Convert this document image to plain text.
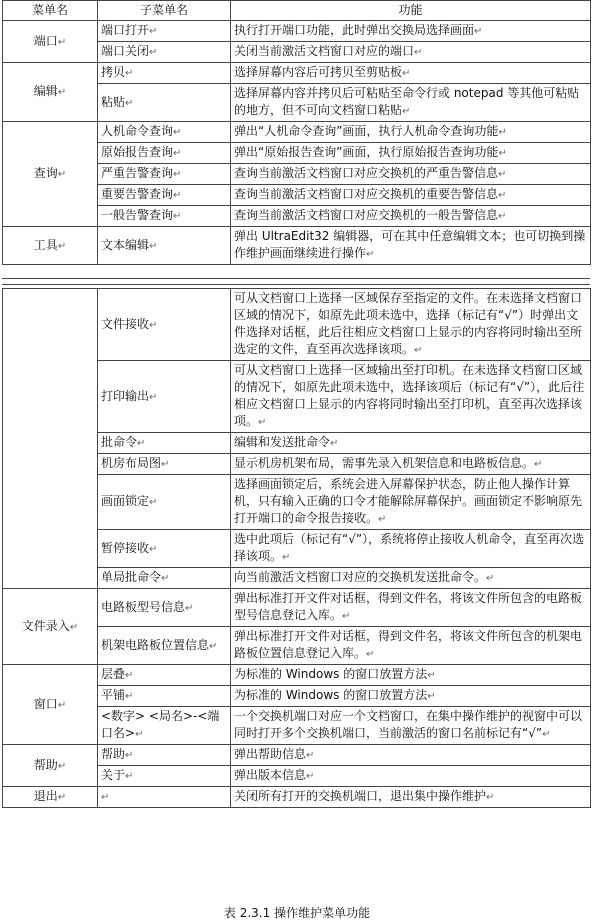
菜单名	子菜单名	功能
端口↵	端口打开↵	执行打开端口功能，此时弹出交换局选择画面↵
	端口关闭↵	关闭当前激活文档窗口对应的端口↵
编辑↵	拷贝↵	选择屏幕内容后可拷贝至剪贴板↵
	粘贴↵	选择屏幕内容并拷贝后可粘贴至命令行或 notepad 等其他可粘贴的地方，但不可向文档窗口粘贴↵
查询↵	人机命令查询↵	弹出“人机命令查询”画面，执行人机命令查询功能↵
	原始报告查询↵	弹出“原始报告查询”画面，执行原始报告查询功能↵
	严重告警查询↵	查询当前激活文档窗口对应交换机的严重告警信息↵
	重要告警查询↵	查询当前激活文档窗口对应交换机的重要告警信息↵
	一般告警查询↵	查询当前激活文档窗口对应交换机的一般告警信息↵
工具↵	文本编辑↵	弹出 UltraEdit32 编辑器，可在其中任意编辑文本；也可切换到操作维护画面继续进行操作↵
	文件接收↵	可从文档窗口上选择一区域保存至指定的文件。在未选择文档窗口区域的情况下，如原先此项未选中，选择（标记有“√”）时弹出文件选择对话框，此后往相应文档窗口上显示的内容将同时输出至所选定的文件，直至再次选择该项。↵
	打印输出↵	可从文档窗口上选择一区域输出至打印机。在未选择文档窗口区域的情况下，如原先此项未选中，选择该项后（标记有“√”），此后往相应文档窗口上显示的内容将同时输出至打印机，直至再次选择该项。↵
	批命令↵	编辑和发送批命令↵
	机房布局图↵	显示机房机架布局，需事先录入机架信息和电路板信息。↵
	画面锁定↵	选择画面锁定后，系统会进入屏幕保护状态，防止他人操作计算机，只有输入正确的口令才能解除屏幕保护。画面锁定不影响原先打开端口的命令报告接收。↵
	暂停接收↵	选中此项后（标记有“√”），系统将停止接收人机命令，直至再次选择该项。↵
	单局批命令↵	向当前激活文档窗口对应的交换机发送批命令。↵
文件录入↵	电路板型号信息↵	弹出标准打开文件对话框，得到文件名，将该文件所包含的电路板型号信息登记入库。↵
	机架电路板位置信息↵	弹出标准打开文件对话框，得到文件名，将该文件所包含的机架电路板位置信息登记入库。↵
窗口↵	层叠↵	为标准的 Windows 的窗口放置方法↵
	平铺↵	为标准的 Windows 的窗口放置方法↵
	<数字> <局名>-<端口名>↵	一个交换机端口对应一个文档窗口，在集中操作维护的视窗中可以同时打开多个交换机端口，当前激活的窗口名前标记有“√”↵
帮助↵	帮助↵	弹出帮助信息↵
	关于↵	弹出版本信息↵
退出↵	↵	关闭所有打开的交换机端口，退出集中操作维护↵
表 2.3.1 操作维护菜单功能
